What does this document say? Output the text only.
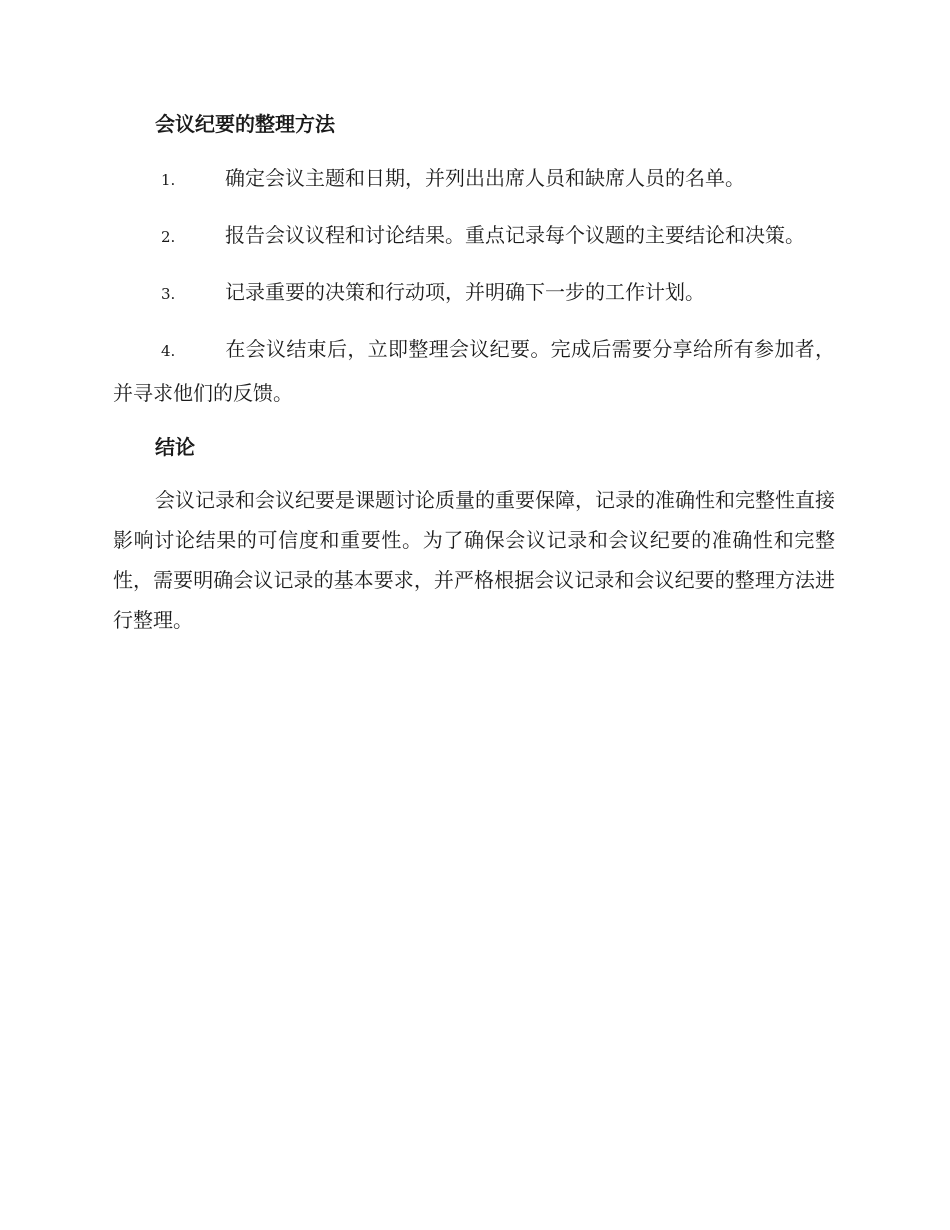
会议纪要的整理方法
1. 确定会议主题和日期，并列出出席人员和缺席人员的名单。
2. 报告会议议程和讨论结果。重点记录每个议题的主要结论和决策。
3. 记录重要的决策和行动项，并明确下一步的工作计划。
4. 在会议结束后，立即整理会议纪要。完成后需要分享给所有参加者，并寻求他们的反馈。
结论

会议记录和会议纪要是课题讨论质量的重要保障，记录的准确性和完整性直接影响讨论结果的可信度和重要性。为了确保会议记录和会议纪要的准确性和完整性，需要明确会议记录的基本要求，并严格根据会议记录和会议纪要的整理方法进行整理。
